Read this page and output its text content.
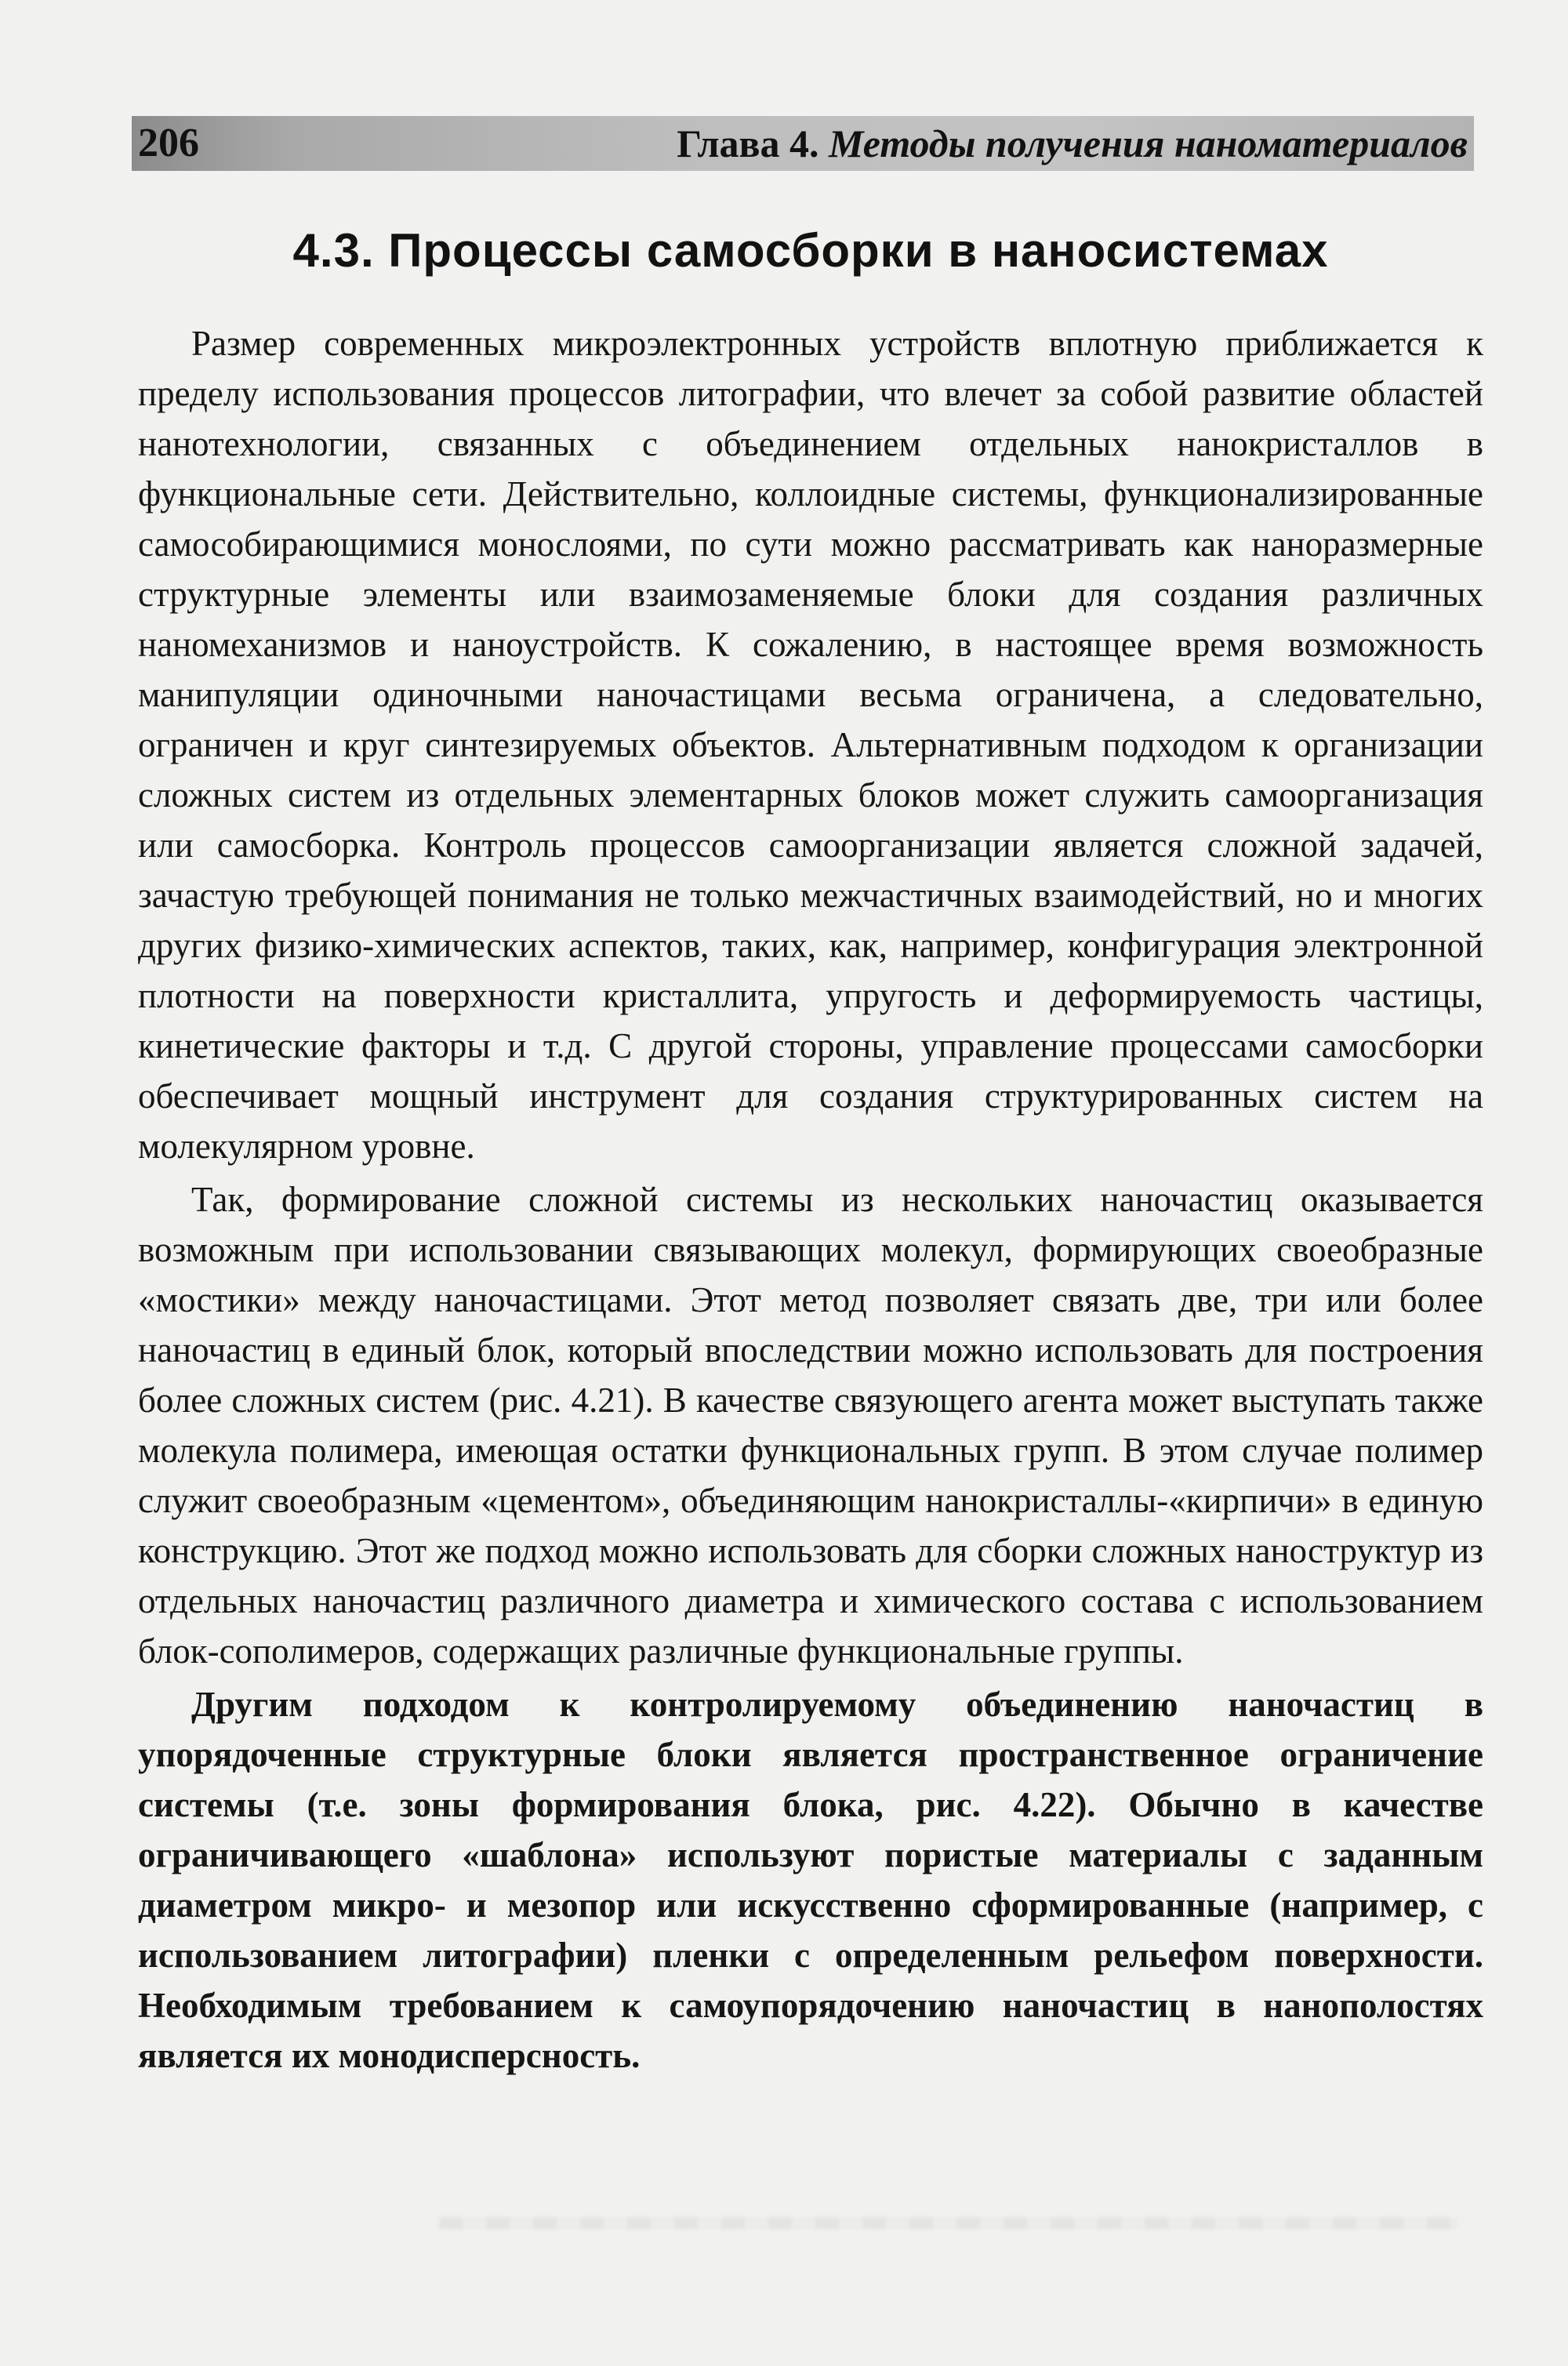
206	Глава 4. Методы получения наноматериалов
4.3. Процессы самосборки в наносистемах

Размер современных микроэлектронных устройств вплотную приближается к пределу использования процессов литографии, что влечет за собой развитие областей нанотехнологии, связанных с объединением отдельных нанокристаллов в функциональные сети. Действительно, коллоидные системы, функционализированные самособирающимися монослоями, по сути можно рассматривать как наноразмерные структурные элементы или взаимозаменяемые блоки для создания различных наномеханизмов и наноустройств. К сожалению, в настоящее время возможность манипуляции одиночными наночастицами весьма ограничена, а следовательно, ограничен и круг синтезируемых объектов. Альтернативным подходом к организации сложных систем из отдельных элементарных блоков может служить самоорганизация или самосборка. Контроль процессов самоорганизации является сложной задачей, зачастую требующей понимания не только межчастичных взаимодействий, но и многих других физико-химических аспектов, таких, как, например, конфигурация электронной плотности на поверхности кристаллита, упругость и деформируемость частицы, кинетические факторы и т.д. С другой стороны, управление процессами самосборки обеспечивает мощный инструмент для создания структурированных систем на молекулярном уровне.

Так, формирование сложной системы из нескольких наночастиц оказывается возможным при использовании связывающих молекул, формирующих своеобразные «мостики» между наночастицами. Этот метод позволяет связать две, три или более наночастиц в единый блок, который впоследствии можно использовать для построения более сложных систем (рис. 4.21). В качестве связующего агента может выступать также молекула полимера, имеющая остатки функциональных групп. В этом случае полимер служит своеобразным «цементом», объединяющим нанокристаллы-«кирпичи» в единую конструкцию. Этот же подход можно использовать для сборки сложных наноструктур из отдельных наночастиц различного диаметра и химического состава с использованием блок-сополимеров, содержащих различные функциональные группы.

Другим подходом к контролируемому объединению наночастиц в упорядоченные структурные блоки является пространственное ограничение системы (т.е. зоны формирования блока, рис. 4.22). Обычно в качестве ограничивающего «шаблона» используют пористые материалы с заданным диаметром микро- и мезопор или искусственно сформированные (например, с использованием литографии) пленки с определенным рельефом поверхности. Необходимым требованием к самоупорядочению наночастиц в нанополостях является их монодисперсность.
